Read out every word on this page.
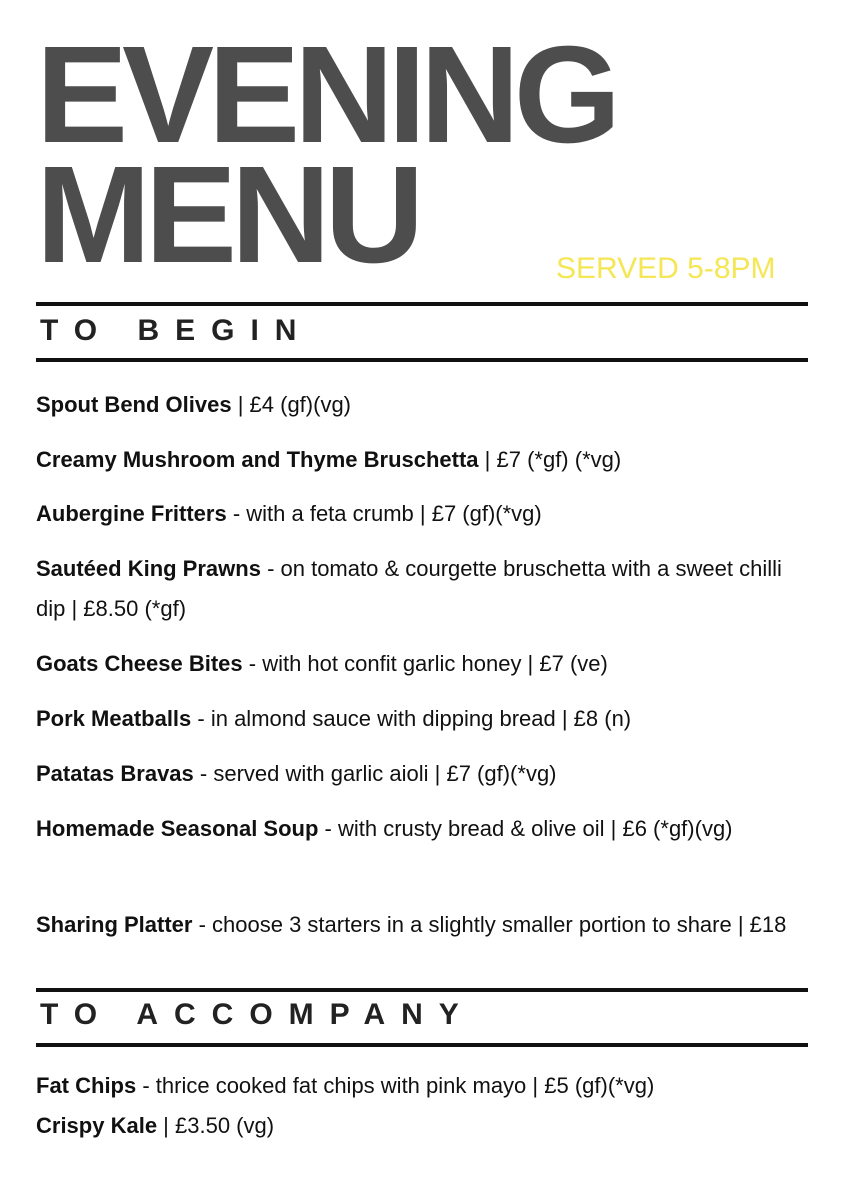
EVENING
MENU	SERVED 5-8PM
TO BEGIN
Spout Bend Olives | £4 (gf)(vg)
Creamy Mushroom and Thyme Bruschetta | £7 (*gf) (*vg)
Aubergine Fritters - with a feta crumb | £7 (gf)(*vg)
Sautéed King Prawns - on tomato & courgette bruschetta with a sweet chilli dip | £8.50 (*gf)
Goats Cheese Bites - with hot confit garlic honey | £7 (ve)
Pork Meatballs - in almond sauce with dipping bread | £8 (n)
Patatas Bravas - served with garlic aioli | £7 (gf)(*vg)
Homemade Seasonal Soup - with crusty bread & olive oil | £6 (*gf)(vg)
Sharing Platter - choose 3 starters in a slightly smaller portion to share | £18
TO ACCOMPANY
Fat Chips - thrice cooked fat chips with pink mayo | £5 (gf)(*vg)
Crispy Kale | £3.50 (vg)
